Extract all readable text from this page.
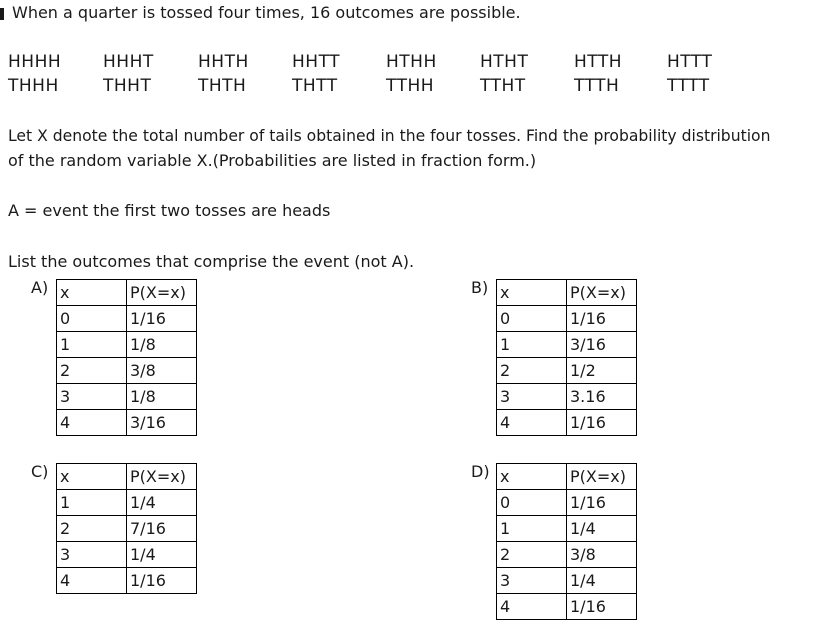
When a quarter is tossed four times, 16 outcomes are possible.
HHHH HHHT	HHTH	HHTT	HTHH	HTHT	HTTH	HTTT
THHH	THHT	THTH	THTT	TTHH	TTHT	TTTH	TTTT
Let X denote the total number of tails obtained in the four tosses. Find the probability distribution
of the random variable X.(Probabilities are listed in fraction form.)
A = event the first two tosses are heads
List the outcomes that comprise the event (not A).
A) x	P(X=x)
0	1/16
1	1/8
2	3/8
3	1/8
4	3/16
B) x	P(X=x)
0	1/16
1	3/16
2	1/2
3	3.16
4	1/16
C) x	P(X=x)
1	1/4
2	7/16
3	1/4
4	1/16
D) x	P(X=x)
0	1/16
1	1/4
2	3/8
3	1/4
4	1/16
